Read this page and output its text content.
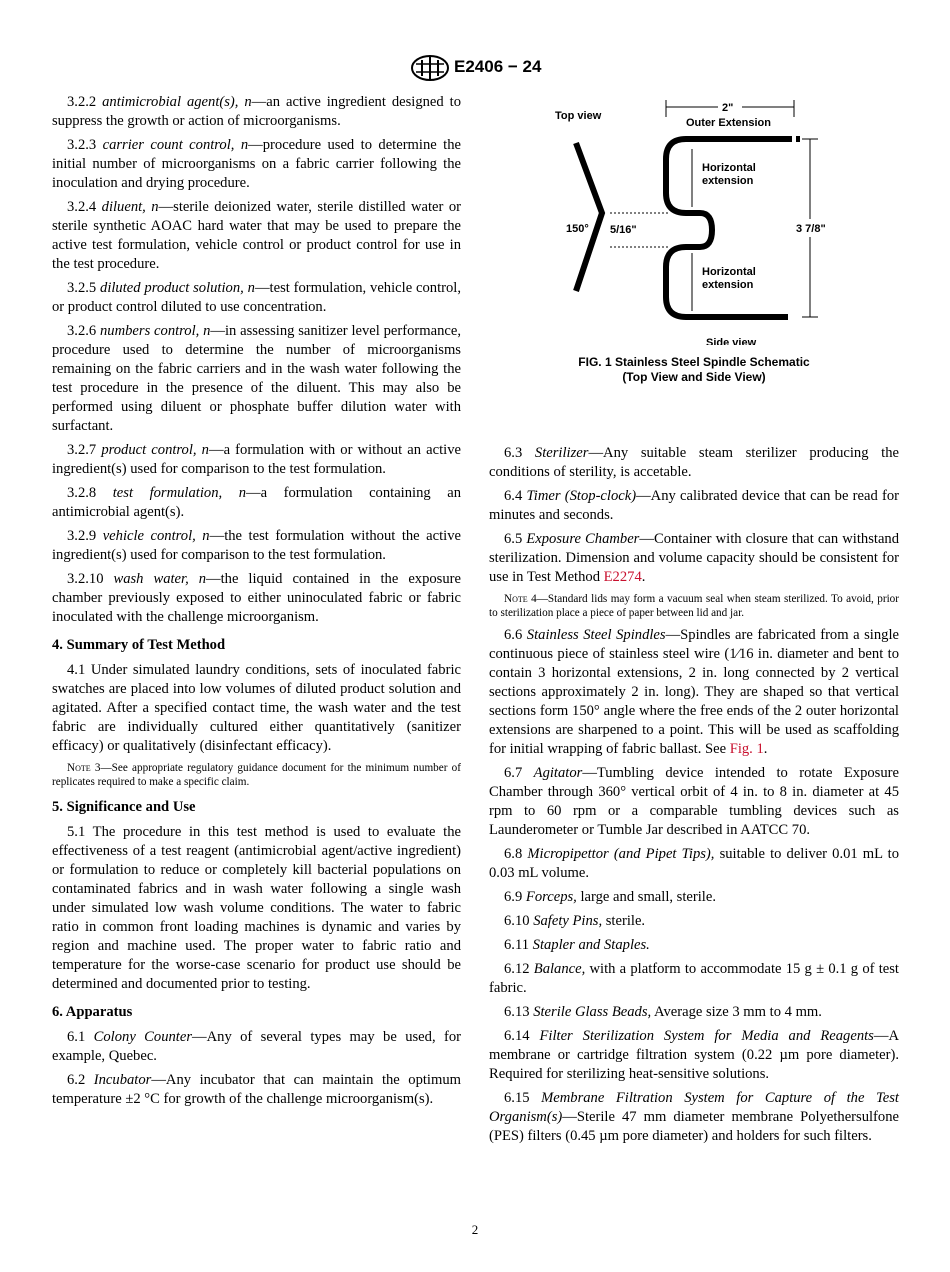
E2406 − 24

3.2.2 antimicrobial agent(s), n—an active ingredient designed to suppress the growth or action of microorganisms.

3.2.3 carrier count control, n—procedure used to determine the initial number of microorganisms on a fabric carrier following the inoculation and drying procedure.

3.2.4 diluent, n—sterile deionized water, sterile distilled water or sterile synthetic AOAC hard water that may be used to prepare the active test formulation, vehicle control or product control for use in the test procedure.

3.2.5 diluted product solution, n—test formulation, vehicle control, or product control diluted to use concentration.

3.2.6 numbers control, n—in assessing sanitizer level performance, procedure used to determine the number of microorganisms remaining on the fabric carriers and in the wash water following the test procedure in the presence of the diluent. This may also be performed using diluent or phosphate buffer dilution water with surfactant.

3.2.7 product control, n—a formulation with or without an active ingredient(s) used for comparison to the test formulation.

3.2.8 test formulation, n—a formulation containing an antimicrobial agent(s).

3.2.9 vehicle control, n—the test formulation without the active ingredient(s) used for comparison to the test formulation.

3.2.10 wash water, n—the liquid contained in the exposure chamber previously exposed to either uninoculated fabric or fabric inoculated with the challenge microorganism.

4. Summary of Test Method

4.1 Under simulated laundry conditions, sets of inoculated fabric swatches are placed into low volumes of diluted product solution and agitated. After a specified contact time, the wash water and the test fabric are individually cultured either quantitatively (sanitizer efficacy) or qualitatively (disinfectant efficacy).

Note 3—See appropriate regulatory guidance document for the minimum number of replicates required to make a specific claim.

5. Significance and Use

5.1 The procedure in this test method is used to evaluate the effectiveness of a test reagent (antimicrobial agent/active ingredient) or formulation to reduce or completely kill bacterial populations on contaminated fabrics and in wash water following a single wash under simulated low wash volume conditions. The water to fabric ratio in common front loading machines is dynamic and varies by region and machine used. The proper water to fabric ratio and temperature for the worse-case scenario for product use should be determined and documented prior to testing.

6. Apparatus

6.1 Colony Counter—Any of several types may be used, for example, Quebec.

6.2 Incubator—Any incubator that can maintain the optimum temperature ±2 °C for growth of the challenge microorganism(s).

Top view
150°
2"
Outer Extension
Horizontal
extension
Horizontal
extension
5/16"	3 7/8"
Side view
FIG. 1 Stainless Steel Spindle Schematic
(Top View and Side View)

6.3 Sterilizer—Any suitable steam sterilizer producing the conditions of sterility, is accetable.

6.4 Timer (Stop-clock)—Any calibrated device that can be read for minutes and seconds.

6.5 Exposure Chamber—Container with closure that can withstand sterilization. Dimension and volume capacity should be consistent for use in Test Method E2274.

Note 4—Standard lids may form a vacuum seal when steam sterilized. To avoid, prior to sterilization place a piece of paper between lid and jar.

6.6 Stainless Steel Spindles—Spindles are fabricated from a single continuous piece of stainless steel wire (1⁄16 in. diameter and bent to contain 3 horizontal extensions, 2 in. long connected by 2 vertical sections approximately 2 in. long). They are shaped so that vertical sections form 150° angle where the free ends of the 2 outer horizontal extensions are sharpened to a point. This will be used as scaffolding for initial wrapping of fabric ballast. See Fig. 1.

6.7 Agitator—Tumbling device intended to rotate Exposure Chamber through 360° vertical orbit of 4 in. to 8 in. diameter at 45 rpm to 60 rpm or a comparable tumbling devices such as Launderometer or Tumble Jar described in AATCC 70.

6.8 Micropipettor (and Pipet Tips), suitable to deliver 0.01 mL to 0.03 mL volume.

6.9 Forceps, large and small, sterile.

6.10 Safety Pins, sterile.

6.11 Stapler and Staples.

6.12 Balance, with a platform to accommodate 15 g ± 0.1 g of test fabric.

6.13 Sterile Glass Beads, Average size 3 mm to 4 mm.

6.14 Filter Sterilization System for Media and Reagents—A membrane or cartridge filtration system (0.22 µm pore diameter). Required for sterilizing heat-sensitive solutions.

6.15 Membrane Filtration System for Capture of the Test Organism(s)—Sterile 47 mm diameter membrane Polyethersulfone (PES) filters (0.45 µm pore diameter) and holders for such filters.

2
